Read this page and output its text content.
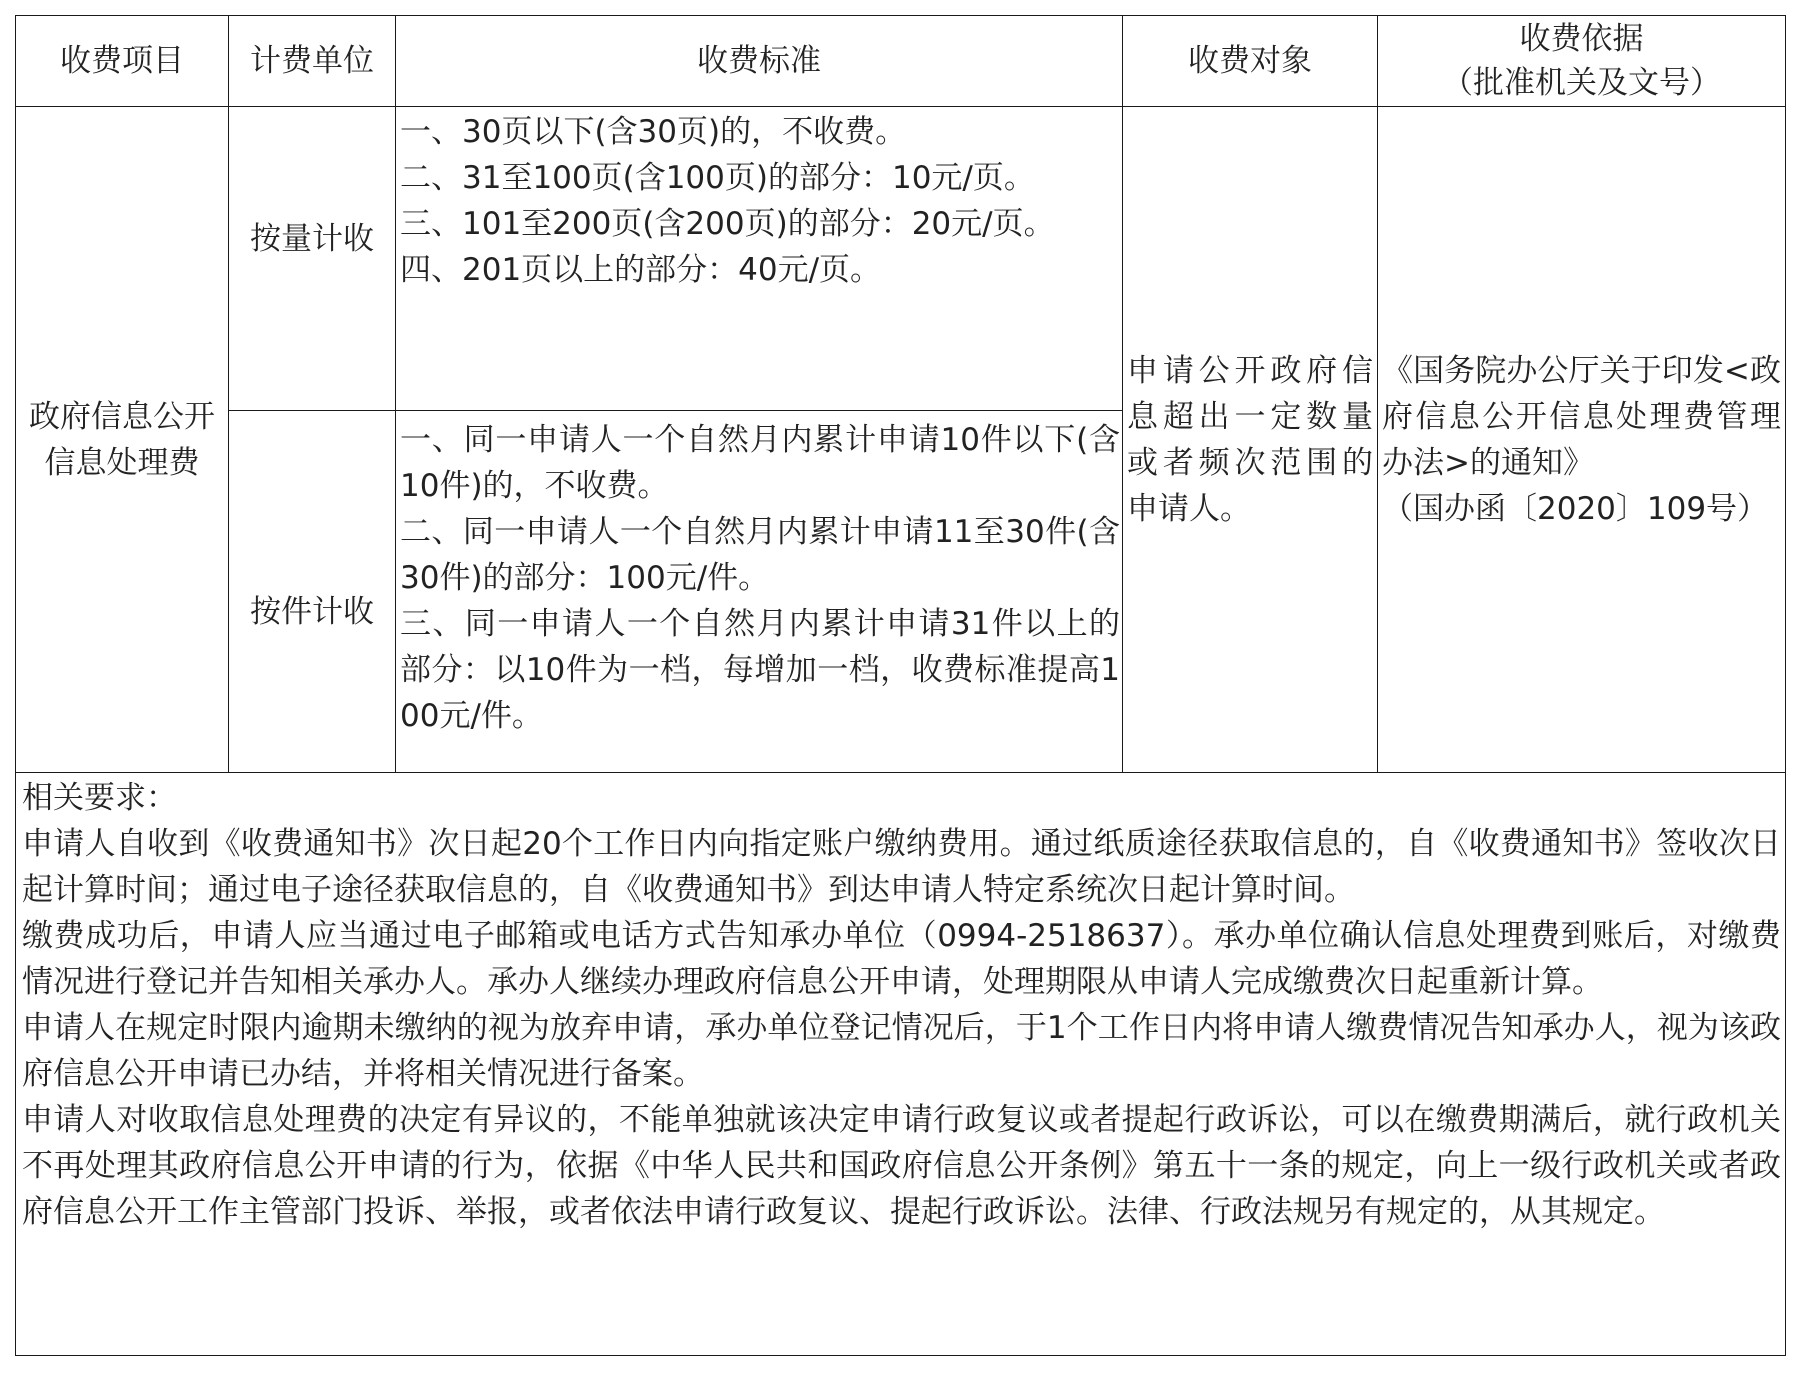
收费项目	计费单位	收费标准	收费对象	收费依据
（批准机关及文号）

政府信息公开
信息处理费	按量计收	一、30页以下(含30页)的，不收费。
二、31至100页(含100页)的部分：10元/页。
三、101至200页(含200页)的部分：20元/页。
四、201页以上的部分：40元/页。	申请公开政府信息超出一定数量或者频次范围的申请人。	《国务院办公厅关于印发<政府信息公开信息处理费管理办法>的通知》
（国办函〔2020〕109号）

	按件计收	一、同一申请人一个自然月内累计申请10件以下(含10件)的，不收费。
二、同一申请人一个自然月内累计申请11至30件(含30件)的部分：100元/件。
三、同一申请人一个自然月内累计申请31件以上的部分：以10件为一档，每增加一档，收费标准提高100元/件。		

相关要求：

申请人自收到《收费通知书》次日起20个工作日内向指定账户缴纳费用。通过纸质途径获取信息的，自《收费通知书》签收次日起计算时间；通过电子途径获取信息的，自《收费通知书》到达申请人特定系统次日起计算时间。

缴费成功后，申请人应当通过电子邮箱或电话方式告知承办单位（0994-2518637）。承办单位确认信息处理费到账后，对缴费情况进行登记并告知相关承办人。承办人继续办理政府信息公开申请，处理期限从申请人完成缴费次日起重新计算。

申请人在规定时限内逾期未缴纳的视为放弃申请，承办单位登记情况后，于1个工作日内将申请人缴费情况告知承办人，视为该政府信息公开申请已办结，并将相关情况进行备案。

申请人对收取信息处理费的决定有异议的，不能单独就该决定申请行政复议或者提起行政诉讼，可以在缴费期满后，就行政机关不再处理其政府信息公开申请的行为，依据《中华人民共和国政府信息公开条例》第五十一条的规定，向上一级行政机关或者政府信息公开工作主管部门投诉、举报，或者依法申请行政复议、提起行政诉讼。法律、行政法规另有规定的，从其规定。				
